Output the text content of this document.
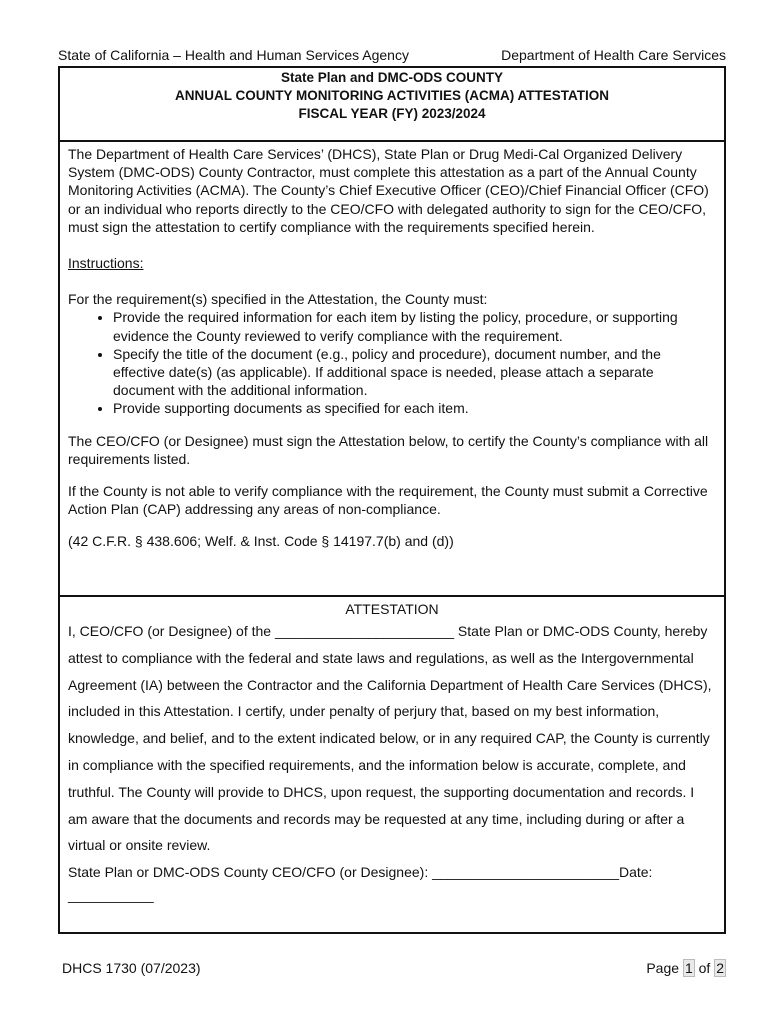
State of California – Health and Human Services Agency	Department of Health Care Services
State Plan and DMC-ODS COUNTY
ANNUAL COUNTY MONITORING ACTIVITIES (ACMA) ATTESTATION
FISCAL YEAR (FY) 2023/2024

The Department of Health Care Services’ (DHCS), State Plan or Drug Medi-Cal Organized Delivery System (DMC-ODS) County Contractor, must complete this attestation as a part of the Annual County Monitoring Activities (ACMA). The County’s Chief Executive Officer (CEO)/Chief Financial Officer (CFO) or an individual who reports directly to the CEO/CFO with delegated authority to sign for the CEO/CFO, must sign the attestation to certify compliance with the requirements specified herein.

Instructions:

For the requirement(s) specified in the Attestation, the County must:

• Provide the required information for each item by listing the policy, procedure, or supporting evidence the County reviewed to verify compliance with the requirement.
• Specify the title of the document (e.g., policy and procedure), document number, and the effective date(s) (as applicable). If additional space is needed, please attach a separate document with the additional information.
• Provide supporting documents as specified for each item.

The CEO/CFO (or Designee) must sign the Attestation below, to certify the County’s compliance with all requirements listed.

If the County is not able to verify compliance with the requirement, the County must submit a Corrective Action Plan (CAP) addressing any areas of non-compliance.

(42 C.F.R. § 438.606; Welf. & Inst. Code § 14197.7(b) and (d))

ATTESTATION
I, CEO/CFO (or Designee) of the _______________________ State Plan or DMC-ODS County, hereby attest to compliance with the federal and state laws and regulations, as well as the Intergovernmental Agreement (IA) between the Contractor and the California Department of Health Care Services (DHCS), included in this Attestation. I certify, under penalty of perjury that, based on my best information, knowledge, and belief, and to the extent indicated below, or in any required CAP, the County is currently in compliance with the specified requirements, and the information below is accurate, complete, and truthful. The County will provide to DHCS, upon request, the supporting documentation and records. I am aware that the documents and records may be requested at any time, including during or after a virtual or onsite review.
State Plan or DMC-ODS County CEO/CFO (or Designee): ________________________Date:
___________
DHCS 1730 (07/2023)	Page 1 of 2
